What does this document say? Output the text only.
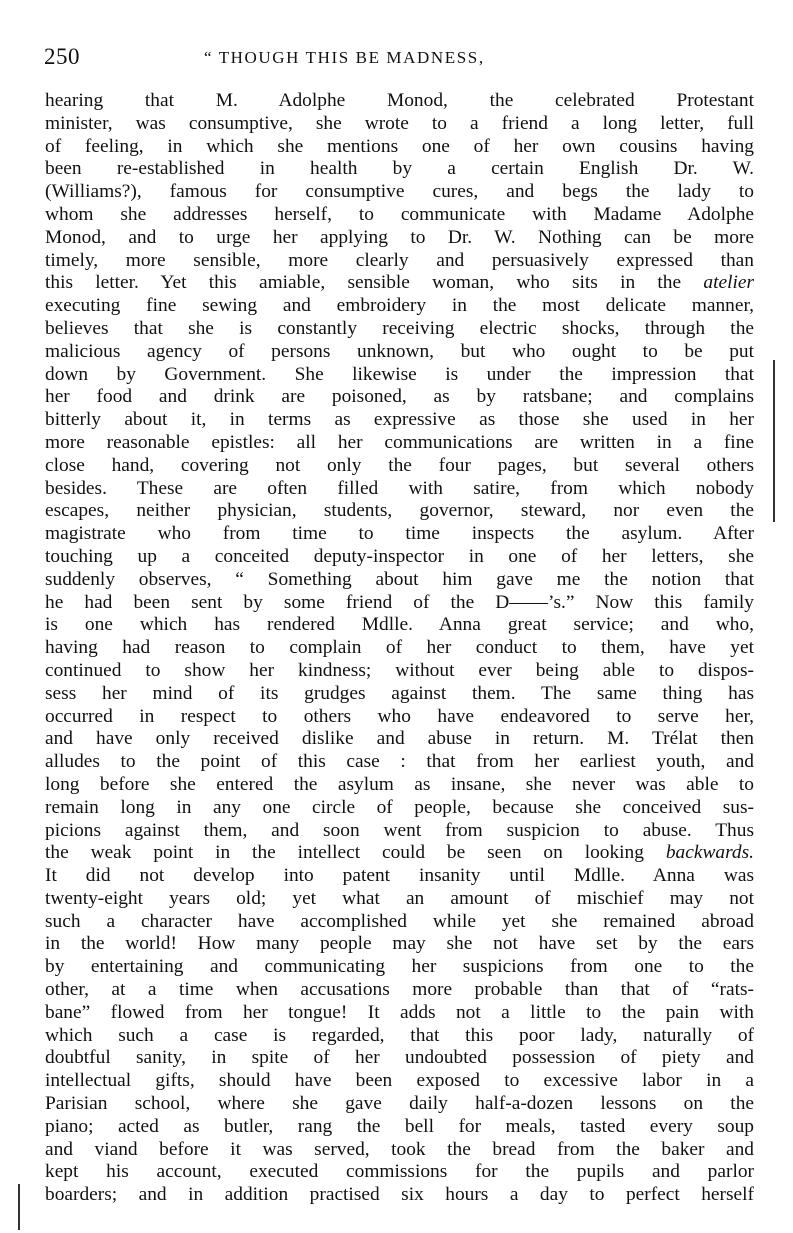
250	“ THOUGH THIS BE MADNESS,
hearing that M. Adolphe Monod, the celebrated Protestant
minister, was consumptive, she wrote to a friend a long letter, full
of feeling, in which she mentions one of her own cousins having
been re-established in health by a certain English Dr. W.
(Williams?), famous for consumptive cures, and begs the lady to
whom she addresses herself, to communicate with Madame Adolphe
Monod, and to urge her applying to Dr. W. Nothing can be more
timely, more sensible, more clearly and persuasively expressed than
this letter. Yet this amiable, sensible woman, who sits in the atelier
executing fine sewing and embroidery in the most delicate manner,
believes that she is constantly receiving electric shocks, through the
malicious agency of persons unknown, but who ought to be put
down by Government. She likewise is under the impression that
her food and drink are poisoned, as by ratsbane; and complains
bitterly about it, in terms as expressive as those she used in her
more reasonable epistles: all her communications are written in a fine
close hand, covering not only the four pages, but several others
besides. These are often filled with satire, from which nobody
escapes, neither physician, students, governor, steward, nor even the
magistrate who from time to time inspects the asylum. After
touching up a conceited deputy-inspector in one of her letters, she
suddenly observes, “ Something about him gave me the notion that
he had been sent by some friend of the D——’s.” Now this family
is one which has rendered Mdlle. Anna great service; and who,
having had reason to complain of her conduct to them, have yet
continued to show her kindness; without ever being able to dispos-
sess her mind of its grudges against them. The same thing has
occurred in respect to others who have endeavored to serve her,
and have only received dislike and abuse in return. M. Trélat then
alludes to the point of this case : that from her earliest youth, and
long before she entered the asylum as insane, she never was able to
remain long in any one circle of people, because she conceived sus-
picions against them, and soon went from suspicion to abuse. Thus
the weak point in the intellect could be seen on looking backwards.
It did not develop into patent insanity until Mdlle. Anna was
twenty-eight years old; yet what an amount of mischief may not
such a character have accomplished while yet she remained abroad
in the world! How many people may she not have set by the ears
by entertaining and communicating her suspicions from one to the
other, at a time when accusations more probable than that of “rats-
bane” flowed from her tongue! It adds not a little to the pain with
which such a case is regarded, that this poor lady, naturally of
doubtful sanity, in spite of her undoubted possession of piety and
intellectual gifts, should have been exposed to excessive labor in a
Parisian school, where she gave daily half-a-dozen lessons on the
piano; acted as butler, rang the bell for meals, tasted every soup
and viand before it was served, took the bread from the baker and
kept his account, executed commissions for the pupils and parlor
boarders; and in addition practised six hours a day to perfect herself
